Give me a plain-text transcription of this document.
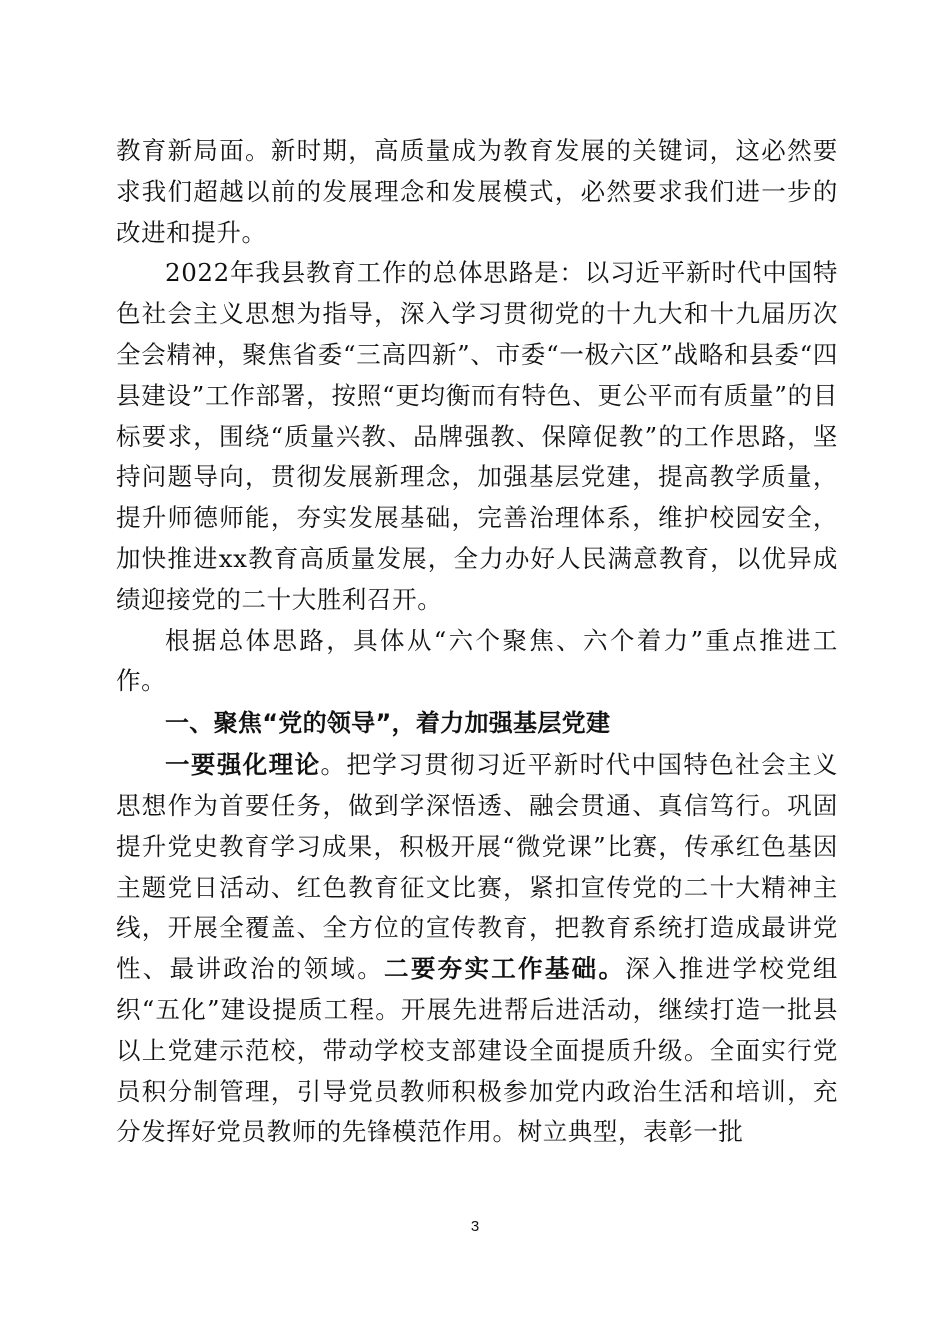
教育新局面。新时期，高质量成为教育发展的关键词，这必然要求我们超越以前的发展理念和发展模式，必然要求我们进一步的改进和提升。

2022年我县教育工作的总体思路是：以习近平新时代中国特色社会主义思想为指导，深入学习贯彻党的十九大和十九届历次全会精神，聚焦省委“三高四新”、市委“一极六区”战略和县委“四县建设”工作部署，按照“更均衡而有特色、更公平而有质量”的目标要求，围绕“质量兴教、品牌强教、保障促教”的工作思路，坚持问题导向，贯彻发展新理念，加强基层党建，提高教学质量，提升师德师能，夯实发展基础，完善治理体系，维护校园安全，加快推进xx教育高质量发展，全力办好人民满意教育，以优异成绩迎接党的二十大胜利召开。

根据总体思路，具体从“六个聚焦、六个着力”重点推进工作。

一、聚焦“党的领导”，着力加强基层党建

一要强化理论。把学习贯彻习近平新时代中国特色社会主义思想作为首要任务，做到学深悟透、融会贯通、真信笃行。巩固提升党史教育学习成果，积极开展“微党课”比赛，传承红色基因主题党日活动、红色教育征文比赛，紧扣宣传党的二十大精神主线，开展全覆盖、全方位的宣传教育，把教育系统打造成最讲党性、最讲政治的领域。二要夯实工作基础。深入推进学校党组织“五化”建设提质工程。开展先进帮后进活动，继续打造一批县以上党建示范校，带动学校支部建设全面提质升级。全面实行党员积分制管理，引导党员教师积极参加党内政治生活和培训，充分发挥好党员教师的先锋模范作用。树立典型，表彰一批

3
